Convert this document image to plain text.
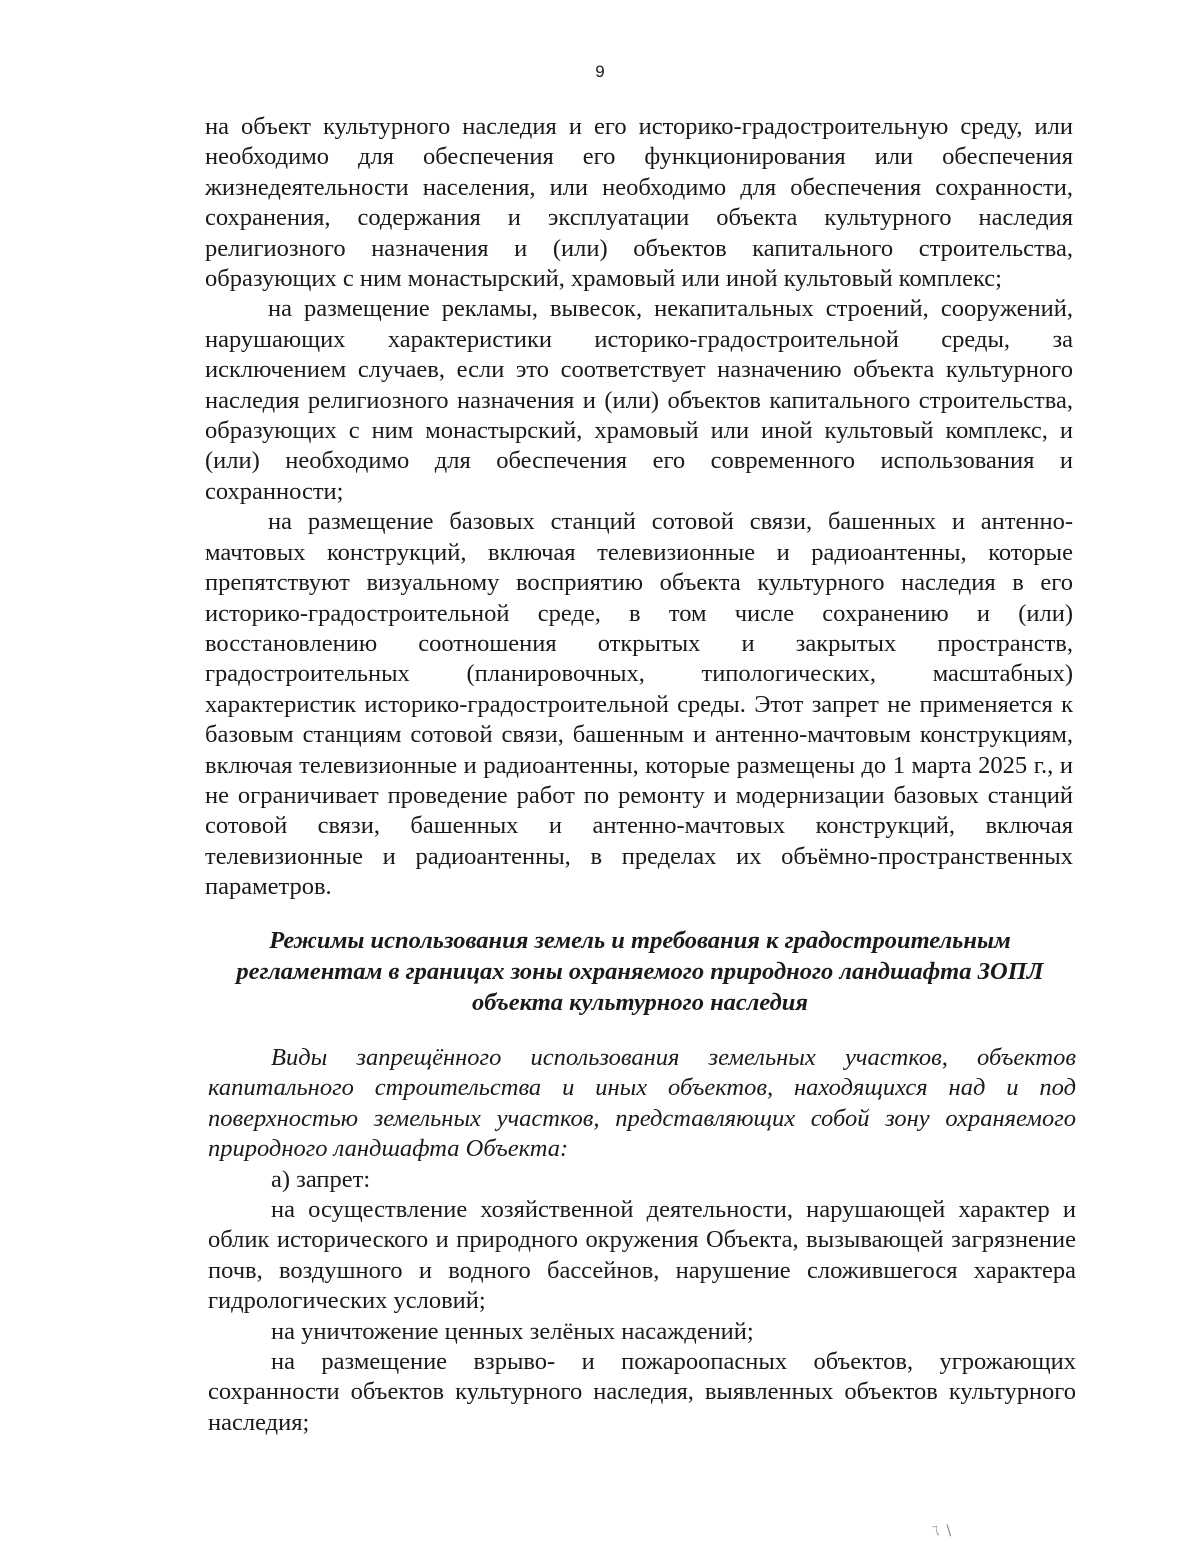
9

на объект культурного наследия и его историко-градостроительную среду, или необходимо для обеспечения его функционирования или обеспечения жизнедеятельности населения, или необходимо для обеспечения сохранности, сохранения, содержания и эксплуатации объекта культурного наследия религиозного назначения и (или) объектов капитального строительства, образующих с ним монастырский, храмовый или иной культовый комплекс;

на размещение рекламы, вывесок, некапитальных строений, сооружений, нарушающих характеристики историко-градостроительной среды, за исключением случаев, если это соответствует назначению объекта культурного наследия религиозного назначения и (или) объектов капитального строительства, образующих с ним монастырский, храмовый или иной культовый комплекс, и (или) необходимо для обеспечения его современного использования и сохранности;

на размещение базовых станций сотовой связи, башенных и антенно-мачтовых конструкций, включая телевизионные и радиоантенны, которые препятствуют визуальному восприятию объекта культурного наследия в его историко-градостроительной среде, в том числе сохранению и (или) восстановлению соотношения открытых и закрытых пространств, градостроительных (планировочных, типологических, масштабных) характеристик историко-градостроительной среды. Этот запрет не применяется к базовым станциям сотовой связи, башенным и антенно-мачтовым конструкциям, включая телевизионные и радиоантенны, которые размещены до 1 марта 2025 г., и не ограничивает проведение работ по ремонту и модернизации базовых станций сотовой связи, башенных и антенно-мачтовых конструкций, включая телевизионные и радиоантенны, в пределах их объёмно-пространственных параметров.

Режимы использования земель и требования к градостроительным регламентам в границах зоны охраняемого природного ландшафта ЗОПЛ объекта культурного наследия

Виды запрещённого использования земельных участков, объектов капитального строительства и иных объектов, находящихся над и под поверхностью земельных участков, представляющих собой зону охраняемого природного ландшафта Объекта:

а) запрет:

на осуществление хозяйственной деятельности, нарушающей характер и облик исторического и природного окружения Объекта, вызывающей загрязнение почв, воздушного и водного бассейнов, нарушение сложившегося характера гидрологических условий;

на уничтожение ценных зелёных насаждений;

на размещение взрыво- и пожароопасных объектов, угрожающих сохранности объектов культурного наследия, выявленных объектов культурного наследия;

ㄟ \
